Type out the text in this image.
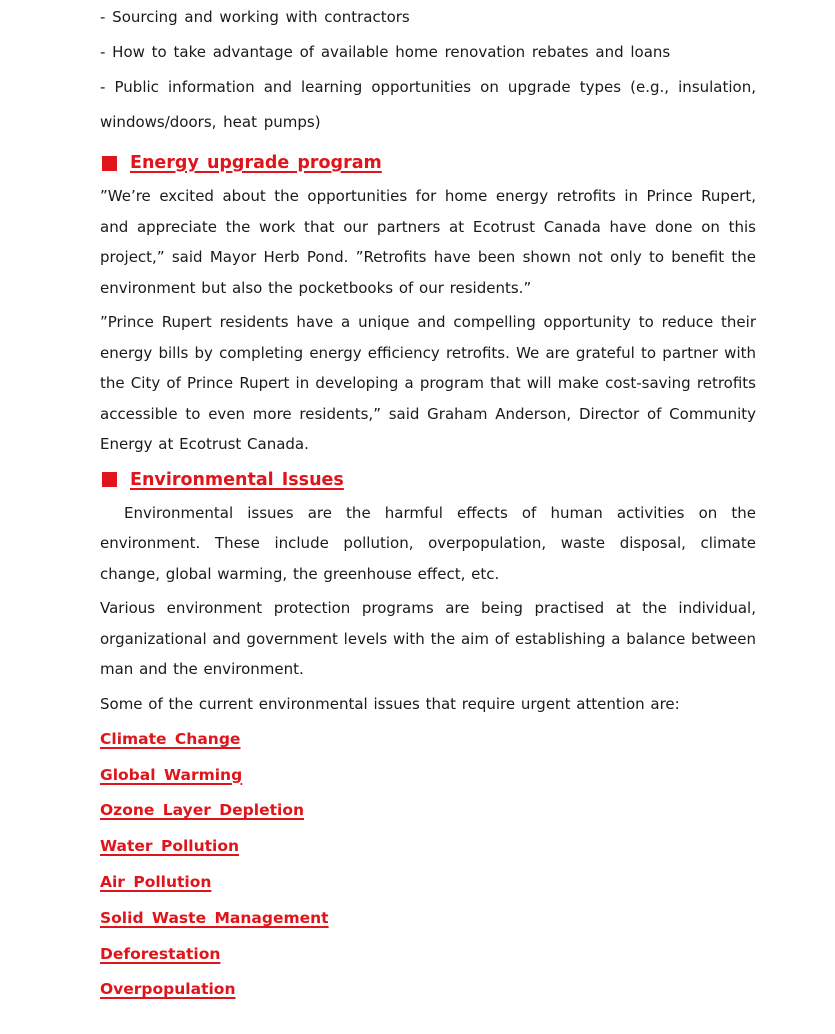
- Sourcing and working with contractors

- How to take advantage of available home renovation rebates and loans

- Public information and learning opportunities on upgrade types (e.g., insulation, windows/doors, heat pumps)

Energy upgrade program

”We’re excited about the opportunities for home energy retrofits in Prince Rupert, and appreciate the work that our partners at Ecotrust Canada have done on this project,” said Mayor Herb Pond. ”Retrofits have been shown not only to benefit the environment but also the pocketbooks of our residents.”

”Prince Rupert residents have a unique and compelling opportunity to reduce their energy bills by completing energy efficiency retrofits. We are grateful to partner with the City of Prince Rupert in developing a program that will make cost-saving retrofits accessible to even more residents,” said Graham Anderson, Director of Community Energy at Ecotrust Canada.

Environmental Issues

Environmental issues are the harmful effects of human activities on the environment. These include pollution, overpopulation, waste disposal, climate change, global warming, the greenhouse effect, etc.

Various environment protection programs are being practised at the individual, organizational and government levels with the aim of establishing a balance between man and the environment.

Some of the current environmental issues that require urgent attention are:

Climate Change
Global Warming
Ozone Layer Depletion
Water Pollution
Air Pollution
Solid Waste Management
Deforestation
Overpopulation
